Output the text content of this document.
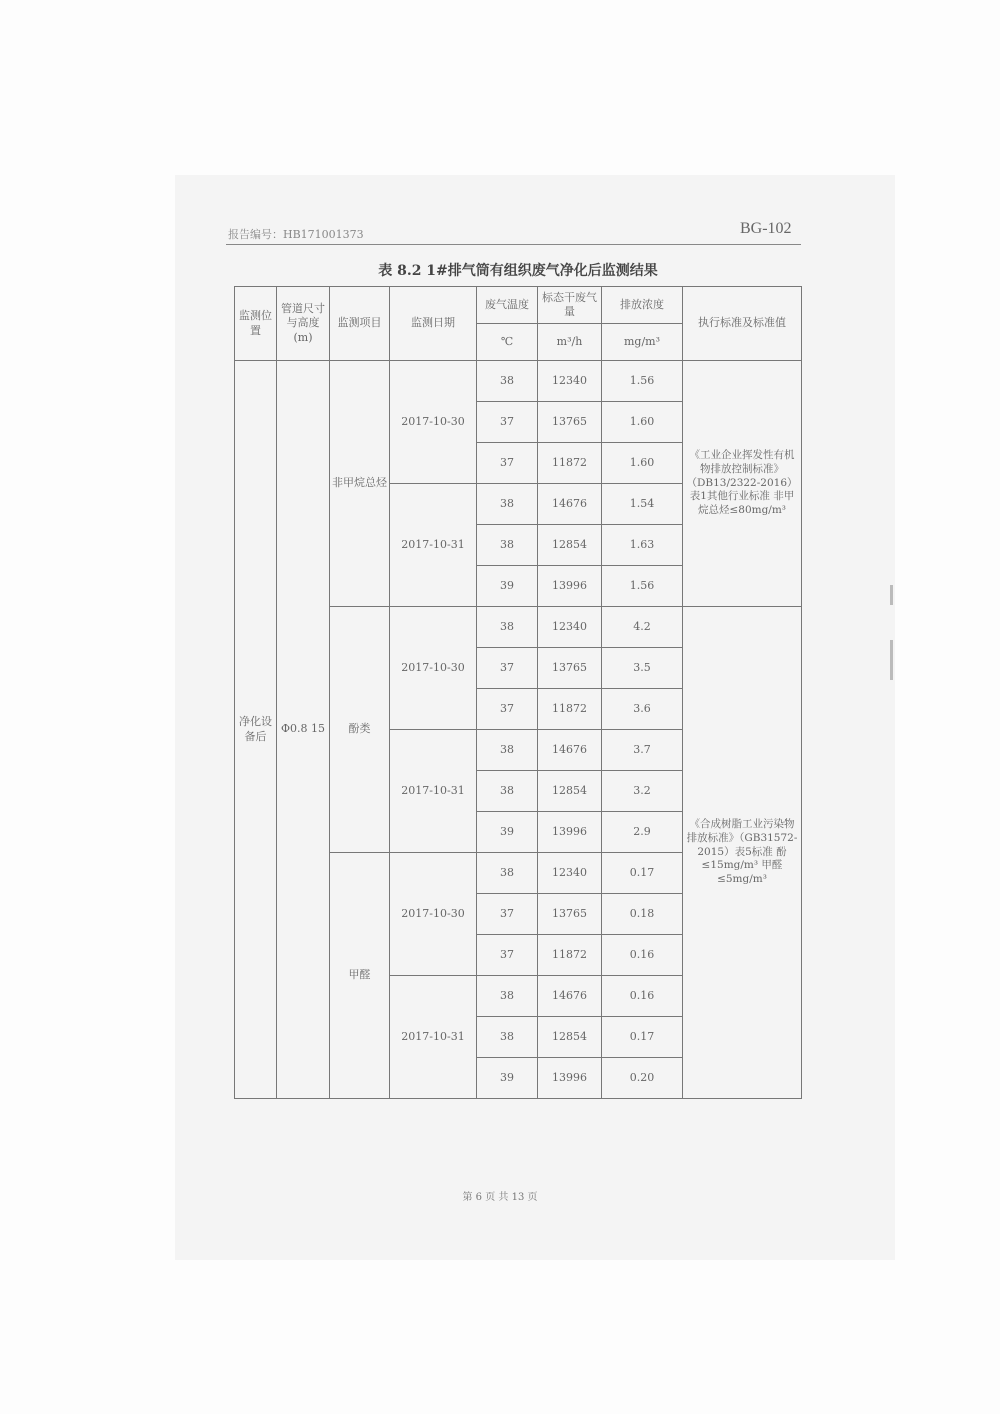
报告编号：HB171001373	BG-102
表 8.2 1#排气筒有组织废气净化后监测结果
监测位置	管道尺寸与高度(m)	监测项目	监测日期	废气温度	标态干废气量	排放浓度	执行标准及标准值
				℃	m³/h	mg/m³	
净化设备后	Φ0.8 15	非甲烷总烃	2017-10-30	38	12340	1.56	《工业企业挥发性有机物排放控制标准》（DB13/2322-2016）表1其他行业标准 非甲烷总烃≤80mg/m³
				37	13765	1.60	
				37	11872	1.60	
			2017-10-31	38	14676	1.54	
				38	12854	1.63	
				39	13996	1.56	
		酚类	2017-10-30	38	12340	4.2	《合成树脂工业污染物排放标准》（GB31572-2015）表5标准 酚≤15mg/m³ 甲醛≤5mg/m³
				37	13765	3.5	
				37	11872	3.6	
			2017-10-31	38	14676	3.7	
				38	12854	3.2	
				39	13996	2.9	
		甲醛	2017-10-30	38	12340	0.17	
				37	13765	0.18	
				37	11872	0.16	
			2017-10-31	38	14676	0.16	
				38	12854	0.17	
				39	13996	0.20	
第 6 页 共 13 页
